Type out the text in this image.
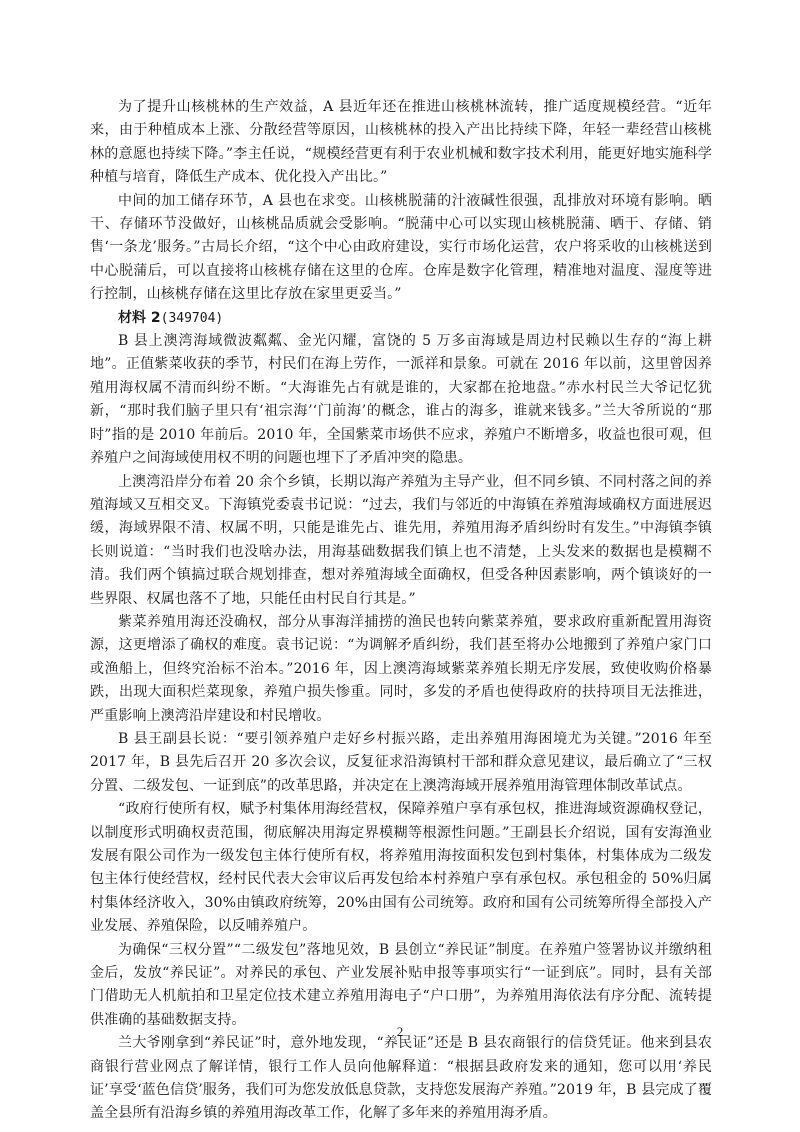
为了提升山核桃林的生产效益，A 县近年还在推进山核桃林流转，推广适度规模经营。“近年来，由于种植成本上涨、分散经营等原因，山核桃林的投入产出比持续下降，年轻一辈经营山核桃林的意愿也持续下降。”李主任说，“规模经营更有利于农业机械和数字技术利用，能更好地实施科学种植与培育，降低生产成本、优化投入产出比。”

中间的加工储存环节，A 县也在求变。山核桃脱蒲的汁液碱性很强，乱排放对环境有影响。晒干、存储环节没做好，山核桃品质就会受影响。“脱蒲中心可以实现山核桃脱蒲、晒干、存储、销售‘一条龙’服务。”古局长介绍，“这个中心由政府建设，实行市场化运营，农户将采收的山核桃送到中心脱蒲后，可以直接将山核桃存储在这里的仓库。仓库是数字化管理，精准地对温度、湿度等进行控制，山核桃存储在这里比存放在家里更妥当。”

材料 2(349704)

B 县上澳湾海域微波粼粼、金光闪耀，富饶的 5 万多亩海域是周边村民赖以生存的“海上耕地”。正值紫菜收获的季节，村民们在海上劳作，一派祥和景象。可就在 2016 年以前，这里曾因养殖用海权属不清而纠纷不断。“大海谁先占有就是谁的，大家都在抢地盘。”赤水村民兰大爷记忆犹新，“那时我们脑子里只有‘祖宗海’‘门前海’的概念，谁占的海多，谁就来钱多。”兰大爷所说的“那时”指的是 2010 年前后。2010 年，全国紫菜市场供不应求，养殖户不断增多，收益也很可观，但养殖户之间海域使用权不明的问题也埋下了矛盾冲突的隐患。

上澳湾沿岸分布着 20 余个乡镇，长期以海产养殖为主导产业，但不同乡镇、不同村落之间的养殖海域又互相交叉。下海镇党委袁书记说：“过去，我们与邻近的中海镇在养殖海域确权方面进展迟缓，海域界限不清、权属不明，只能是谁先占、谁先用，养殖用海矛盾纠纷时有发生。”中海镇李镇长则说道：“当时我们也没啥办法，用海基础数据我们镇上也不清楚，上头发来的数据也是模糊不清。我们两个镇搞过联合规划排查，想对养殖海域全面确权，但受各种因素影响，两个镇谈好的一些界限、权属也落不了地，只能任由村民自行其是。”

紫菜养殖用海还没确权，部分从事海洋捕捞的渔民也转向紫菜养殖，要求政府重新配置用海资源，这更增添了确权的难度。袁书记说：“为调解矛盾纠纷，我们甚至将办公地搬到了养殖户家门口或渔船上，但终究治标不治本。”2016 年，因上澳湾海域紫菜养殖长期无序发展，致使收购价格暴跌，出现大面积烂菜现象，养殖户损失惨重。同时，多发的矛盾也使得政府的扶持项目无法推进，严重影响上澳湾沿岸建设和村民增收。

B 县王副县长说：“要引领养殖户走好乡村振兴路，走出养殖用海困境尤为关键。”2016 年至 2017 年，B 县先后召开 20 多次会议，反复征求沿海镇村干部和群众意见建议，最后确立了“三权分置、二级发包、一证到底”的改革思路，并决定在上澳湾海域开展养殖用海管理体制改革试点。

“政府行使所有权，赋予村集体用海经营权，保障养殖户享有承包权，推进海域资源确权登记，以制度形式明确权责范围，彻底解决用海定界模糊等根源性问题。”王副县长介绍说，国有安海渔业发展有限公司作为一级发包主体行使所有权，将养殖用海按面积发包到村集体，村集体成为二级发包主体行使经营权，经村民代表大会审议后再发包给本村养殖户享有承包权。承包租金的 50%归属村集体经济收入，30%由镇政府统筹，20%由国有公司统筹。政府和国有公司统筹所得全部投入产业发展、养殖保险，以反哺养殖户。

为确保“三权分置”“二级发包”落地见效，B 县创立“养民证”制度。在养殖户签署协议并缴纳租金后，发放“养民证”。对养民的承包、产业发展补贴申报等事项实行“一证到底”。同时，县有关部门借助无人机航拍和卫星定位技术建立养殖用海电子“户口册”，为养殖用海依法有序分配、流转提供准确的基础数据支持。

兰大爷刚拿到“养民证”时，意外地发现，“养民证”还是 B 县农商银行的信贷凭证。他来到县农商银行营业网点了解详情，银行工作人员向他解释道：“根据县政府发来的通知，您可以用‘养民证’享受‘蓝色信贷’服务，我们可为您发放低息贷款，支持您发展海产养殖。”2019 年，B 县完成了覆盖全县所有沿海乡镇的养殖用海改革工作，化解了多年来的养殖用海矛盾。

2
